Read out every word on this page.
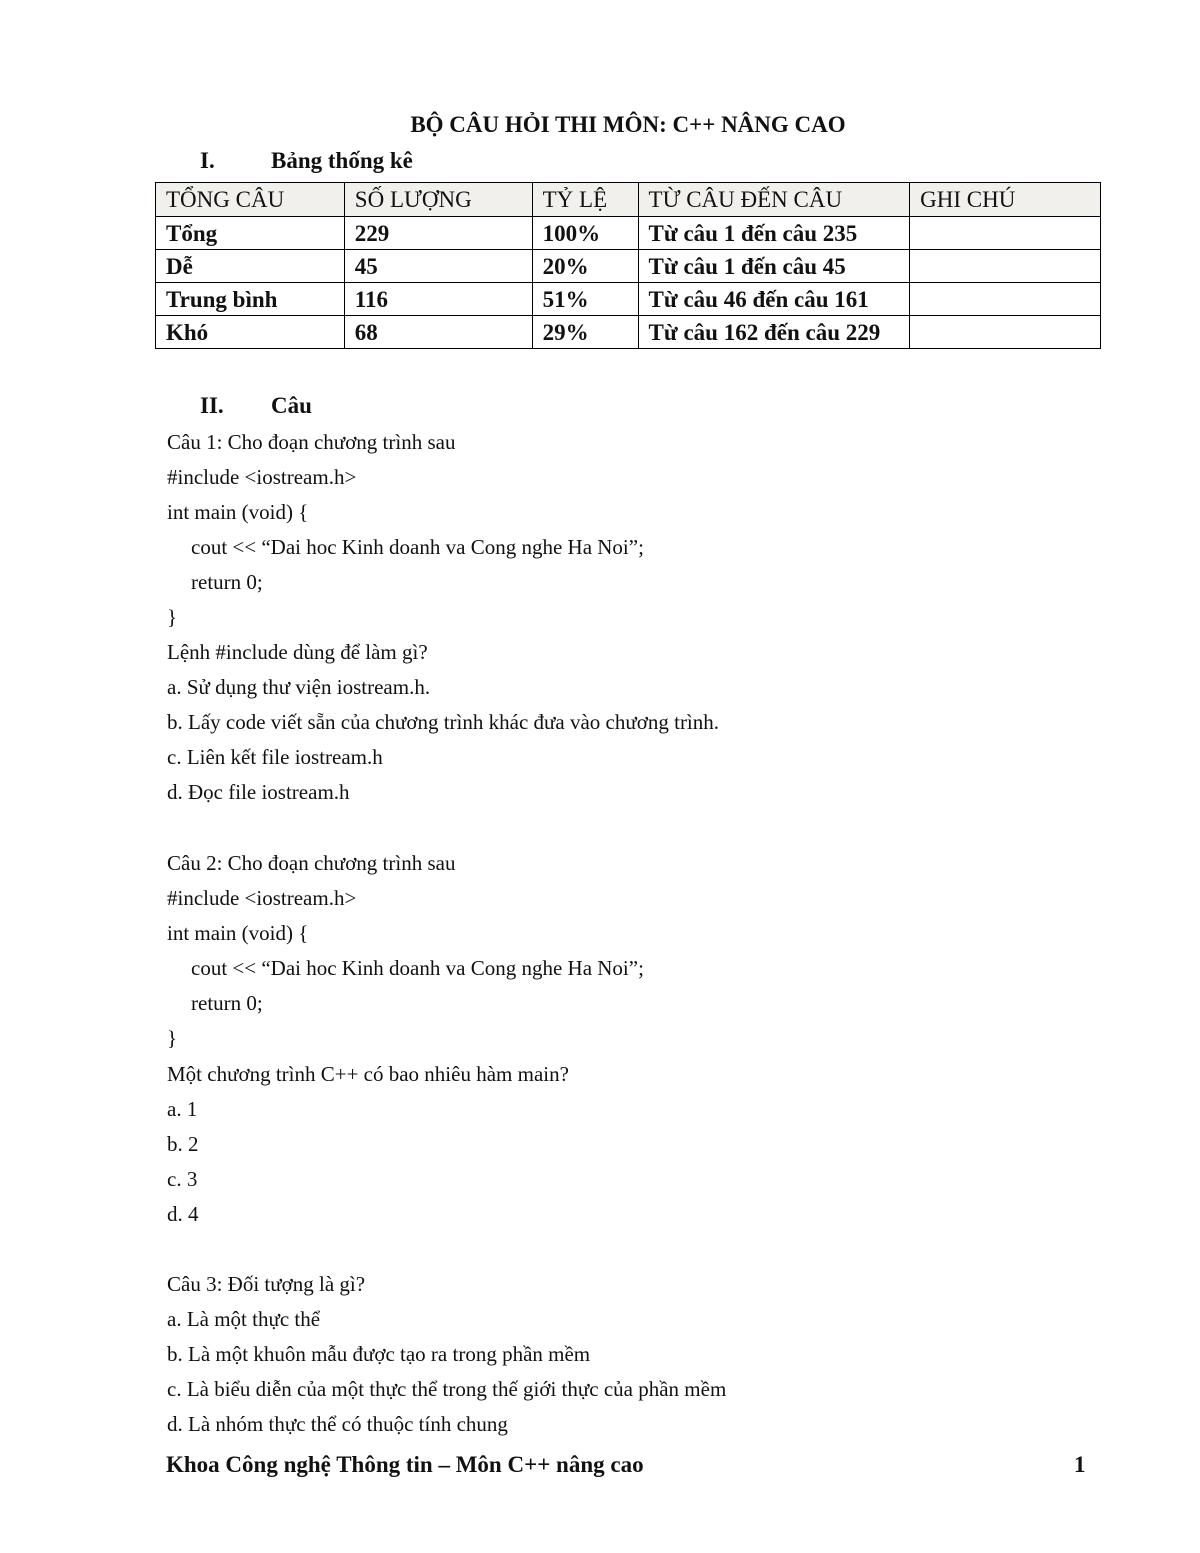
BỘ CÂU HỎI THI MÔN: C++ NÂNG CAO
I. Bảng thống kê
TỔNG CÂU	SỐ LƯỢNG	TỶ LỆ	TỪ CÂU ĐẾN CÂU	GHI CHÚ
Tổng	229	100%	Từ câu 1 đến câu 235	
Dễ	45	20%	Từ câu 1 đến câu 45	
Trung bình	116	51%	Từ câu 46 đến câu 161	
Khó	68	29%	Từ câu 162 đến câu 229	
II. Câu
Câu 1: Cho đoạn chương trình sau
#include <iostream.h>
int main (void) {
cout << “Dai hoc Kinh doanh va Cong nghe Ha Noi”;
return 0;
}
Lệnh #include dùng để làm gì?
a. Sử dụng thư viện iostream.h.
b. Lấy code viết sẵn của chương trình khác đưa vào chương trình.
c. Liên kết file iostream.h
d. Đọc file iostream.h
Câu 2: Cho đoạn chương trình sau
#include <iostream.h>
int main (void) {
cout << “Dai hoc Kinh doanh va Cong nghe Ha Noi”;
return 0;
}
Một chương trình C++ có bao nhiêu hàm main?
a. 1
b. 2
c. 3
d. 4
Câu 3: Đối tượng là gì?
a. Là một thực thể
b. Là một khuôn mẫu được tạo ra trong phần mềm
c. Là biểu diễn của một thực thể trong thế giới thực của phần mềm
d. Là nhóm thực thể có thuộc tính chung
Khoa Công nghệ Thông tin – Môn C++ nâng cao	1
